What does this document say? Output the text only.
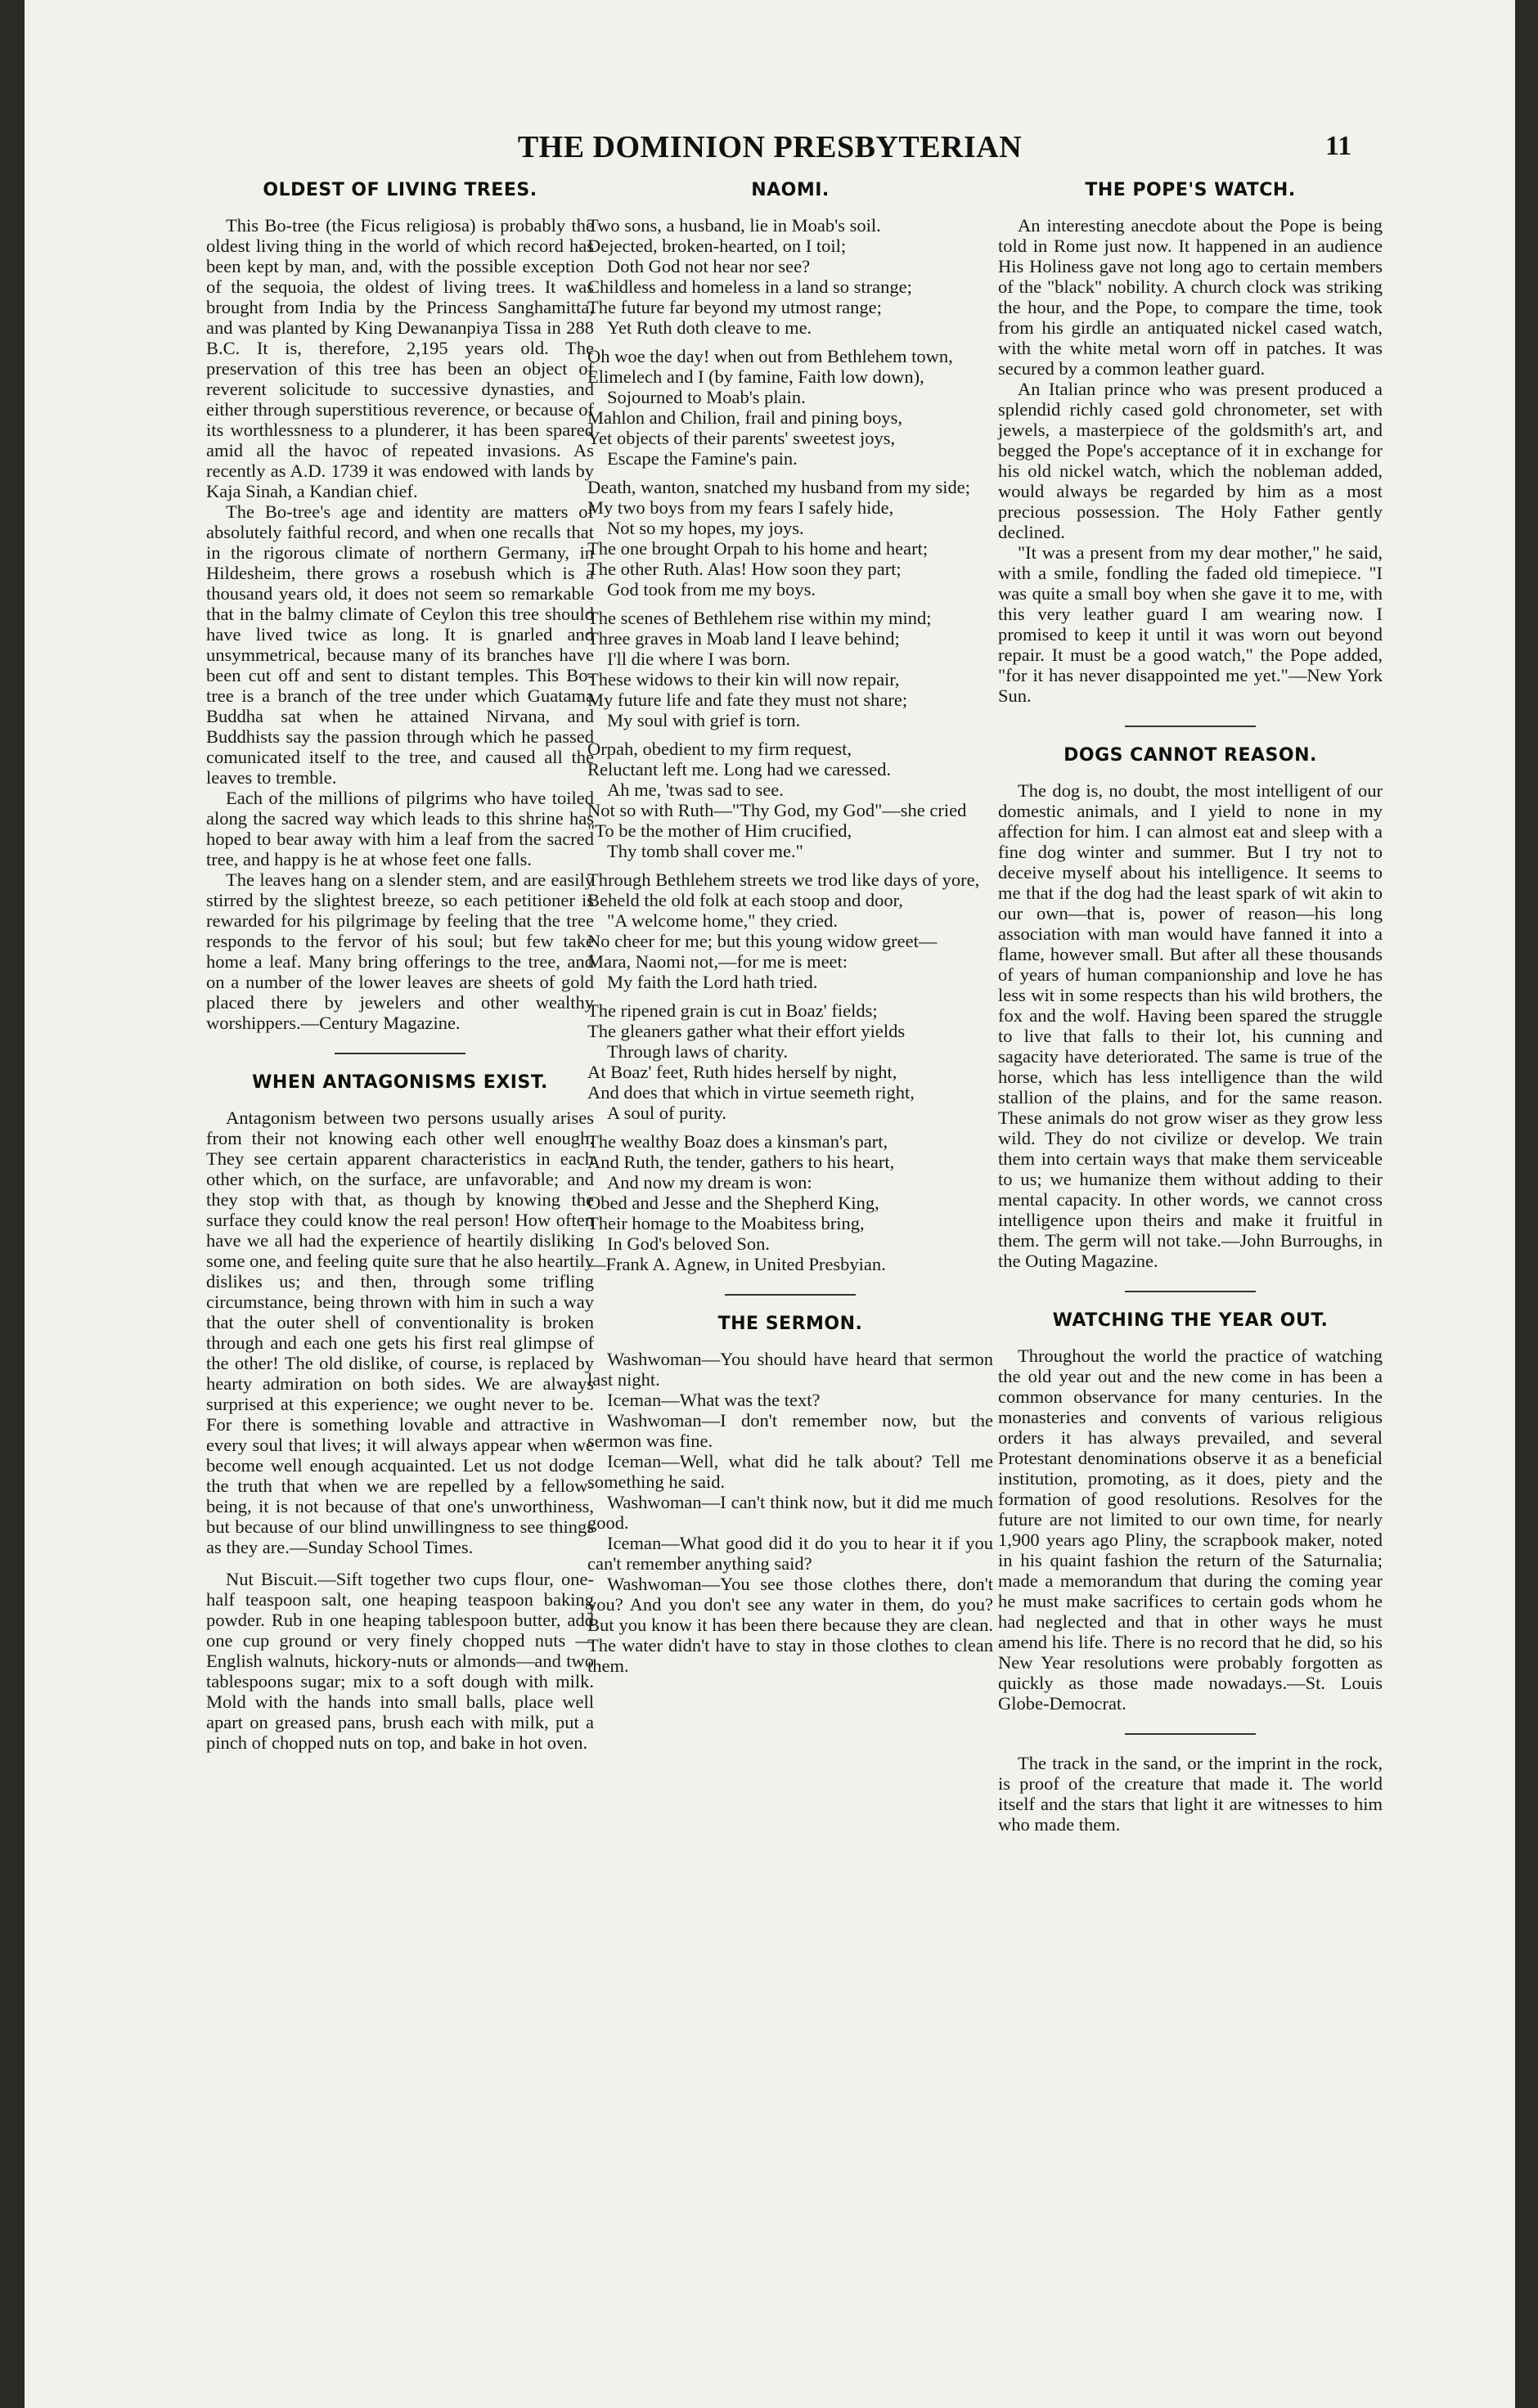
THE DOMINION PRESBYTERIAN	11
OLDEST OF LIVING TREES.

This Bo-tree (the Ficus religiosa) is probably the oldest living thing in the world of which record has been kept by man, and, with the possible exception of the sequoia, the oldest of living trees. It was brought from India by the Princess Sanghamitta, and was planted by King Dewananpiya Tissa in 288 B.C. It is, therefore, 2,195 years old. The preservation of this tree has been an object of reverent solicitude to successive dynasties, and either through superstitious reverence, or because of its worthlessness to a plunderer, it has been spared amid all the havoc of repeated invasions. As recently as A.D. 1739 it was endowed with lands by Kaja Sinah, a Kandian chief.

The Bo-tree's age and identity are matters of absolutely faithful record, and when one recalls that in the rigorous climate of northern Germany, in Hildesheim, there grows a rosebush which is a thousand years old, it does not seem so remarkable that in the balmy climate of Ceylon this tree should have lived twice as long. It is gnarled and unsymmetrical, because many of its branches have been cut off and sent to distant temples. This Bo-tree is a branch of the tree under which Guatama Buddha sat when he attained Nirvana, and Buddhists say the passion through which he passed comunicated itself to the tree, and caused all the leaves to tremble.

Each of the millions of pilgrims who have toiled along the sacred way which leads to this shrine has hoped to bear away with him a leaf from the sacred tree, and happy is he at whose feet one falls.

The leaves hang on a slender stem, and are easily stirred by the slightest breeze, so each petitioner is rewarded for his pilgrimage by feeling that the tree responds to the fervor of his soul; but few take home a leaf. Many bring offerings to the tree, and on a number of the lower leaves are sheets of gold placed there by jewelers and other wealthy worshippers.—Century Magazine.

WHEN ANTAGONISMS EXIST.

Antagonism between two persons usually arises from their not knowing each other well enough. They see certain apparent characteristics in each other which, on the surface, are unfavorable; and they stop with that, as though by knowing the surface they could know the real person! How often have we all had the experience of heartily disliking some one, and feeling quite sure that he also heartily dislikes us; and then, through some trifling circumstance, being thrown with him in such a way that the outer shell of conventionality is broken through and each one gets his first real glimpse of the other! The old dislike, of course, is replaced by hearty admiration on both sides. We are always surprised at this experience; we ought never to be. For there is something lovable and attractive in every soul that lives; it will always appear when we become well enough acquainted. Let us not dodge the truth that when we are repelled by a fellow-being, it is not because of that one's unworthiness, but because of our blind unwillingness to see things as they are.—Sunday School Times.

Nut Biscuit.—Sift together two cups flour, one-half teaspoon salt, one heaping teaspoon baking powder. Rub in one heaping tablespoon butter, add one cup ground or very finely chopped nuts —English walnuts, hickory-nuts or almonds—and two tablespoons sugar; mix to a soft dough with milk. Mold with the hands into small balls, place well apart on greased pans, brush each with milk, put a pinch of chopped nuts on top, and bake in hot oven.

NAOMI.
Two sons, a husband, lie in Moab's soil.
Dejected, broken-hearted, on I toil;
Doth God not hear nor see?
Childless and homeless in a land so strange;
The future far beyond my utmost range;
Yet Ruth doth cleave to me.
Oh woe the day! when out from Bethlehem town,
Elimelech and I (by famine, Faith low down),
Sojourned to Moab's plain.
Mahlon and Chilion, frail and pining boys,
Yet objects of their parents' sweetest joys,
Escape the Famine's pain.
Death, wanton, snatched my husband from my side;
My two boys from my fears I safely hide,
Not so my hopes, my joys.
The one brought Orpah to his home and heart;
The other Ruth. Alas! How soon they part;
God took from me my boys.
The scenes of Bethlehem rise within my mind;
Three graves in Moab land I leave behind;
I'll die where I was born.
These widows to their kin will now repair,
My future life and fate they must not share;
My soul with grief is torn.
Orpah, obedient to my firm request,
Reluctant left me. Long had we caressed.
Ah me, 'twas sad to see.
Not so with Ruth—"Thy God, my God"—she cried
"To be the mother of Him crucified,
Thy tomb shall cover me."
Through Bethlehem streets we trod like days of yore,
Beheld the old folk at each stoop and door,
"A welcome home," they cried.
No cheer for me; but this young widow greet—
Mara, Naomi not,—for me is meet:
My faith the Lord hath tried.
The ripened grain is cut in Boaz' fields;
The gleaners gather what their effort yields
Through laws of charity.
At Boaz' feet, Ruth hides herself by night,
And does that which in virtue seemeth right,
A soul of purity.
The wealthy Boaz does a kinsman's part,
And Ruth, the tender, gathers to his heart,
And now my dream is won:
Obed and Jesse and the Shepherd King,
Their homage to the Moabitess bring,
In God's beloved Son.
—Frank A. Agnew, in United Presbyian.
THE SERMON.

Washwoman—You should have heard that sermon last night.

Iceman—What was the text?

Washwoman—I don't remember now, but the sermon was fine.

Iceman—Well, what did he talk about? Tell me something he said.

Washwoman—I can't think now, but it did me much good.

Iceman—What good did it do you to hear it if you can't remember anything said?

Washwoman—You see those clothes there, don't you? And you don't see any water in them, do you? But you know it has been there because they are clean. The water didn't have to stay in those clothes to clean them.

THE POPE'S WATCH.

An interesting anecdote about the Pope is being told in Rome just now. It happened in an audience His Holiness gave not long ago to certain members of the "black" nobility. A church clock was striking the hour, and the Pope, to compare the time, took from his girdle an antiquated nickel cased watch, with the white metal worn off in patches. It was secured by a common leather guard.

An Italian prince who was present produced a splendid richly cased gold chronometer, set with jewels, a masterpiece of the goldsmith's art, and begged the Pope's acceptance of it in exchange for his old nickel watch, which the nobleman added, would always be regarded by him as a most precious possession. The Holy Father gently declined.

"It was a present from my dear mother," he said, with a smile, fondling the faded old timepiece. "I was quite a small boy when she gave it to me, with this very leather guard I am wearing now. I promised to keep it until it was worn out beyond repair. It must be a good watch," the Pope added, "for it has never disappointed me yet."—New York Sun.

DOGS CANNOT REASON.

The dog is, no doubt, the most intelligent of our domestic animals, and I yield to none in my affection for him. I can almost eat and sleep with a fine dog winter and summer. But I try not to deceive myself about his intelligence. It seems to me that if the dog had the least spark of wit akin to our own—that is, power of reason—his long association with man would have fanned it into a flame, however small. But after all these thousands of years of human companionship and love he has less wit in some respects than his wild brothers, the fox and the wolf. Having been spared the struggle to live that falls to their lot, his cunning and sagacity have deteriorated. The same is true of the horse, which has less intelligence than the wild stallion of the plains, and for the same reason. These animals do not grow wiser as they grow less wild. They do not civilize or develop. We train them into certain ways that make them serviceable to us; we humanize them without adding to their mental capacity. In other words, we cannot cross intelligence upon theirs and make it fruitful in them. The germ will not take.—John Burroughs, in the Outing Magazine.

WATCHING THE YEAR OUT.

Throughout the world the practice of watching the old year out and the new come in has been a common observance for many centuries. In the monasteries and convents of various religious orders it has always prevailed, and several Protestant denominations observe it as a beneficial institution, promoting, as it does, piety and the formation of good resolutions. Resolves for the future are not limited to our own time, for nearly 1,900 years ago Pliny, the scrapbook maker, noted in his quaint fashion the return of the Saturnalia; made a memorandum that during the coming year he must make sacrifices to certain gods whom he had neglected and that in other ways he must amend his life. There is no record that he did, so his New Year resolutions were probably forgotten as quickly as those made nowadays.—St. Louis Globe-Democrat.

The track in the sand, or the imprint in the rock, is proof of the creature that made it. The world itself and the stars that light it are witnesses to him who made them.
